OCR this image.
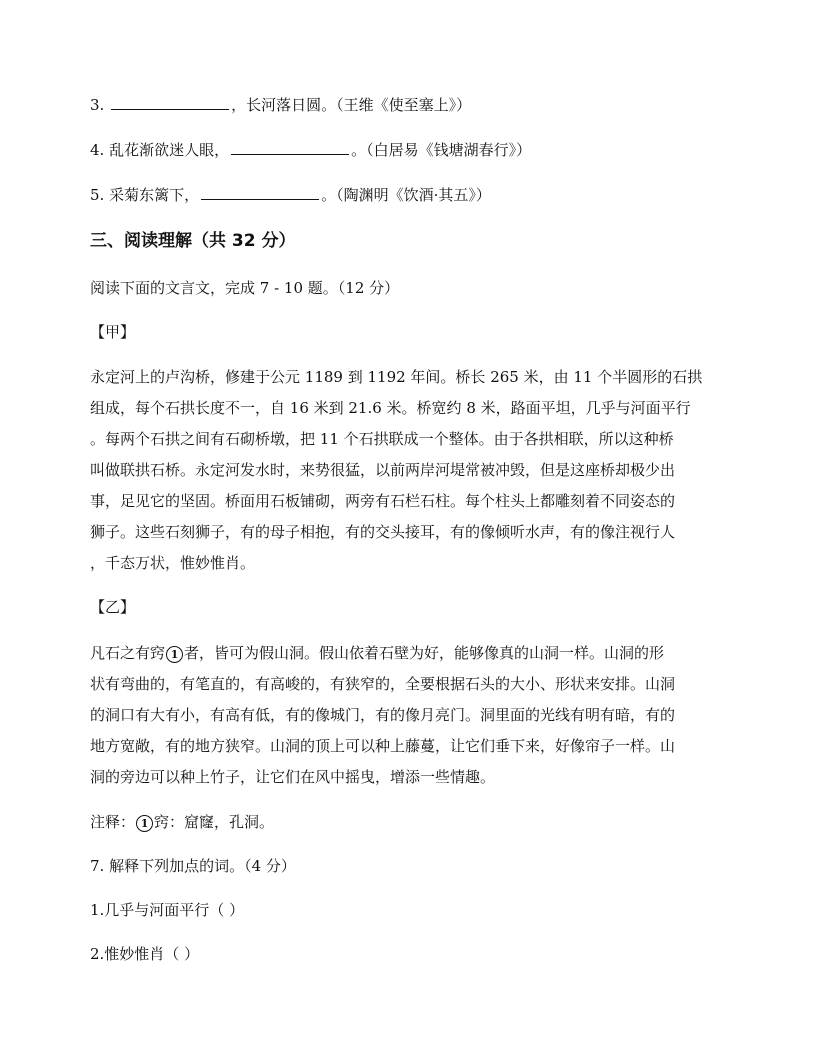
3.	，长河落日圆。（王维《使至塞上》）
4. 乱花渐欲迷人眼，	。（白居易《钱塘湖春行》）
5. 采菊东篱下，	。（陶渊明《饮酒·其五》）
三、阅读理解（共 32 分）
阅读下面的文言文，完成 7 - 10 题。（12 分）
【甲】
永定河上的卢沟桥，修建于公元 1189 到 1192 年间。桥长 265 米，由 11 个半圆形的石拱
组成，每个石拱长度不一，自 16 米到 21.6 米。桥宽约 8 米，路面平坦，几乎与河面平行
。每两个石拱之间有石砌桥墩，把 11 个石拱联成一个整体。由于各拱相联，所以这种桥
叫做联拱石桥。永定河发水时，来势很猛，以前两岸河堤常被冲毁，但是这座桥却极少出
事，足见它的坚固。桥面用石板铺砌，两旁有石栏石柱。每个柱头上都雕刻着不同姿态的
狮子。这些石刻狮子，有的母子相抱，有的交头接耳，有的像倾听水声，有的像注视行人
，千态万状，惟妙惟肖。
【乙】
凡石之有窍 1 者，皆可为假山洞。假山依着石壁为好，能够像真的山洞一样。山洞的形
状有弯曲的，有笔直的，有高峻的，有狭窄的，全要根据石头的大小、形状来安排。山洞
的洞口有大有小，有高有低，有的像城门，有的像月亮门。洞里面的光线有明有暗，有的
地方宽敞，有的地方狭窄。山洞的顶上可以种上藤蔓，让它们垂下来，好像帘子一样。山
洞的旁边可以种上竹子，让它们在风中摇曳，增添一些情趣。
注释： 1 窍：窟窿，孔洞。
7. 解释下列加点的词。（4 分）
1.几乎与河面平行（ ）
2.惟妙惟肖（ ）
